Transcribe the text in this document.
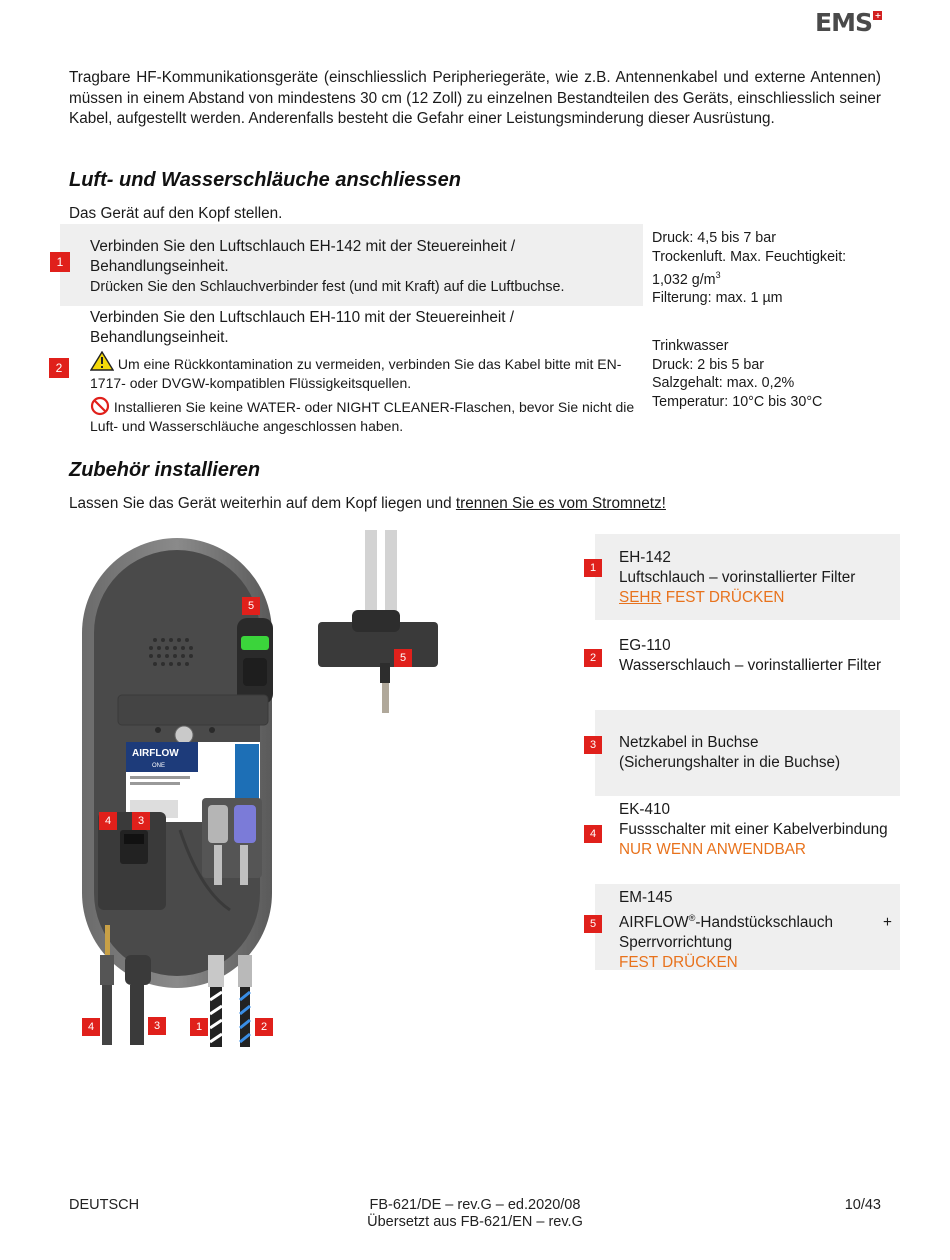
EMS +
Tragbare HF-Kommunikationsgeräte (einschliesslich Peripheriegeräte, wie z.B. Antennenkabel und externe Antennen) müssen in einem Abstand von mindestens 30 cm (12 Zoll) zu einzelnen Bestandteilen des Geräts, einschliesslich seiner Kabel, aufgestellt werden. Anderenfalls besteht die Gefahr einer Leistungsminderung dieser Ausrüstung.
Luft- und Wasserschläuche anschliessen
Das Gerät auf den Kopf stellen.
1
Verbinden Sie den Luftschlauch EH-142 mit der Steuereinheit /
Behandlungseinheit.
Drücken Sie den Schlauchverbinder fest (und mit Kraft) auf die Luftbuchse.
Druck: 4,5 bis 7 bar
Trockenluft. Max. Feuchtigkeit:
1,032 $g/m^3$
Filterung: max. 1 µm
2
Verbinden Sie den Luftschlauch EH-110 mit der Steuereinheit /
Behandlungseinheit.
Um eine Rückkontamination zu vermeiden, verbinden Sie das Kabel bitte mit EN-1717- oder DVGW-kompatiblen Flüssigkeitsquellen.
Installieren Sie keine WATER- oder NIGHT CLEANER-Flaschen, bevor Sie nicht die Luft- und Wasserschläuche angeschlossen haben.
Trinkwasser
Druck: 2 bis 5 bar
Salzgehalt: max. 0,2%
Temperatur: 10°C bis 30°C
Zubehör installieren
Lassen Sie das Gerät weiterhin auf dem Kopf liegen und trennen Sie es vom Stromnetz!
AIRFLOW
ONE
5
5
4	3
4	3	1	2
1
EH-142
Luftschlauch – vorinstallierter Filter
SEHR FEST DRÜCKEN
2
EG-110
Wasserschlauch – vorinstallierter Filter
3	Netzkabel in Buchse
(Sicherungshalter in die Buchse)
4
EK-410
Fussschalter mit einer Kabelverbindung
NUR WENN ANWENDBAR
5
EM-145
AIRFLOW®-Handstückschlauch + Sperrvorrichtung
FEST DRÜCKEN
DEUTSCH	FB-621/DE – rev.G – ed.2020/08
Übersetzt aus FB-621/EN – rev.G
10/43
